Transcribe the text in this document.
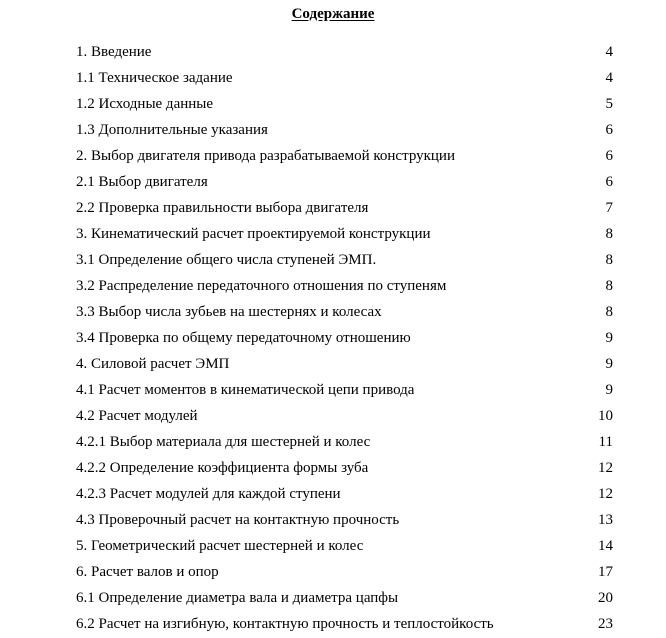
Содержание
1. Введение	4
1.1 Техническое задание	4
1.2 Исходные данные	5
1.3 Дополнительные указания	6
2. Выбор двигателя привода разрабатываемой конструкции	6
2.1 Выбор двигателя	6
2.2 Проверка правильности выбора двигателя	7
3. Кинематический расчет проектируемой конструкции	8
3.1 Определение общего числа ступеней ЭМП.	8
3.2 Распределение передаточного отношения по ступеням	8
3.3 Выбор числа зубьев на шестернях и колесах	8
3.4 Проверка по общему передаточному отношению	9
4. Силовой расчет ЭМП	9
4.1 Расчет моментов в кинематической цепи привода	9
4.2 Расчет модулей	10
4.2.1 Выбор материала для шестерней и колес	11
4.2.2 Определение коэффициента формы зуба	12
4.2.3 Расчет модулей для каждой ступени	12
4.3 Проверочный расчет на контактную прочность	13
5. Геометрический расчет шестерней и колес	14
6. Расчет валов и опор	17
6.1 Определение диаметра вала и диаметра цапфы	20
6.2 Расчет на изгибную, контактную прочность и теплостойкость	23
